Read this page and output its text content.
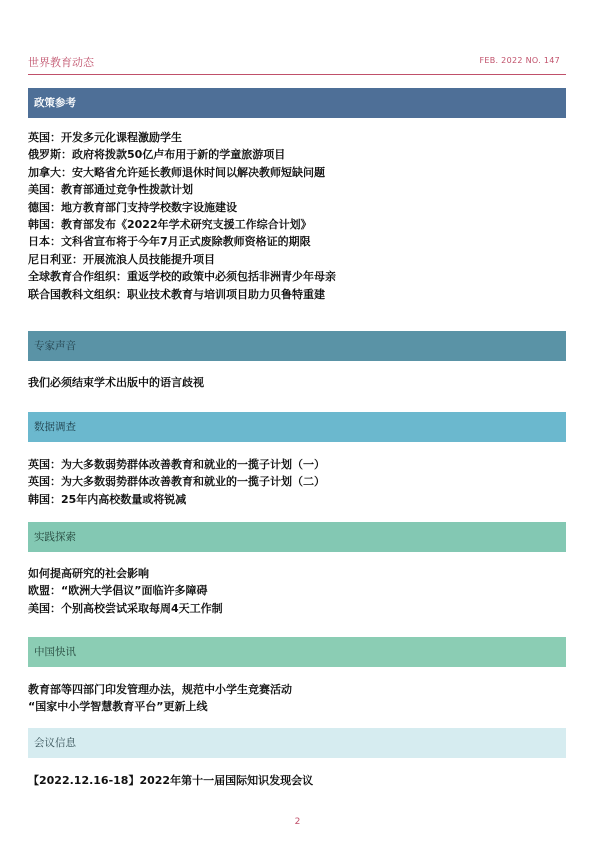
世界教育动态	FEB. 2022 NO. 147
政策参考
英国：开发多元化课程激励学生
俄罗斯：政府将拨款50亿卢布用于新的学童旅游项目
加拿大：安大略省允许延长教师退休时间以解决教师短缺问题
美国：教育部通过竞争性拨款计划
德国：地方教育部门支持学校数字设施建设
韩国：教育部发布《2022年学术研究支援工作综合计划》
日本：文科省宣布将于今年7月正式废除教师资格证的期限
尼日利亚：开展流浪人员技能提升项目
全球教育合作组织：重返学校的政策中必须包括非洲青少年母亲
联合国教科文组织：职业技术教育与培训项目助力贝鲁特重建
专家声音
我们必须结束学术出版中的语言歧视
数据调查
英国：为大多数弱势群体改善教育和就业的一揽子计划（一）
英国：为大多数弱势群体改善教育和就业的一揽子计划（二）
韩国：25年内高校数量或将锐减
实践探索
如何提高研究的社会影响
欧盟：“欧洲大学倡议”面临许多障碍
美国：个别高校尝试采取每周4天工作制
中国快讯
教育部等四部门印发管理办法，规范中小学生竞赛活动
“国家中小学智慧教育平台”更新上线
会议信息
【2022.12.16-18】2022年第十一届国际知识发现会议
2
